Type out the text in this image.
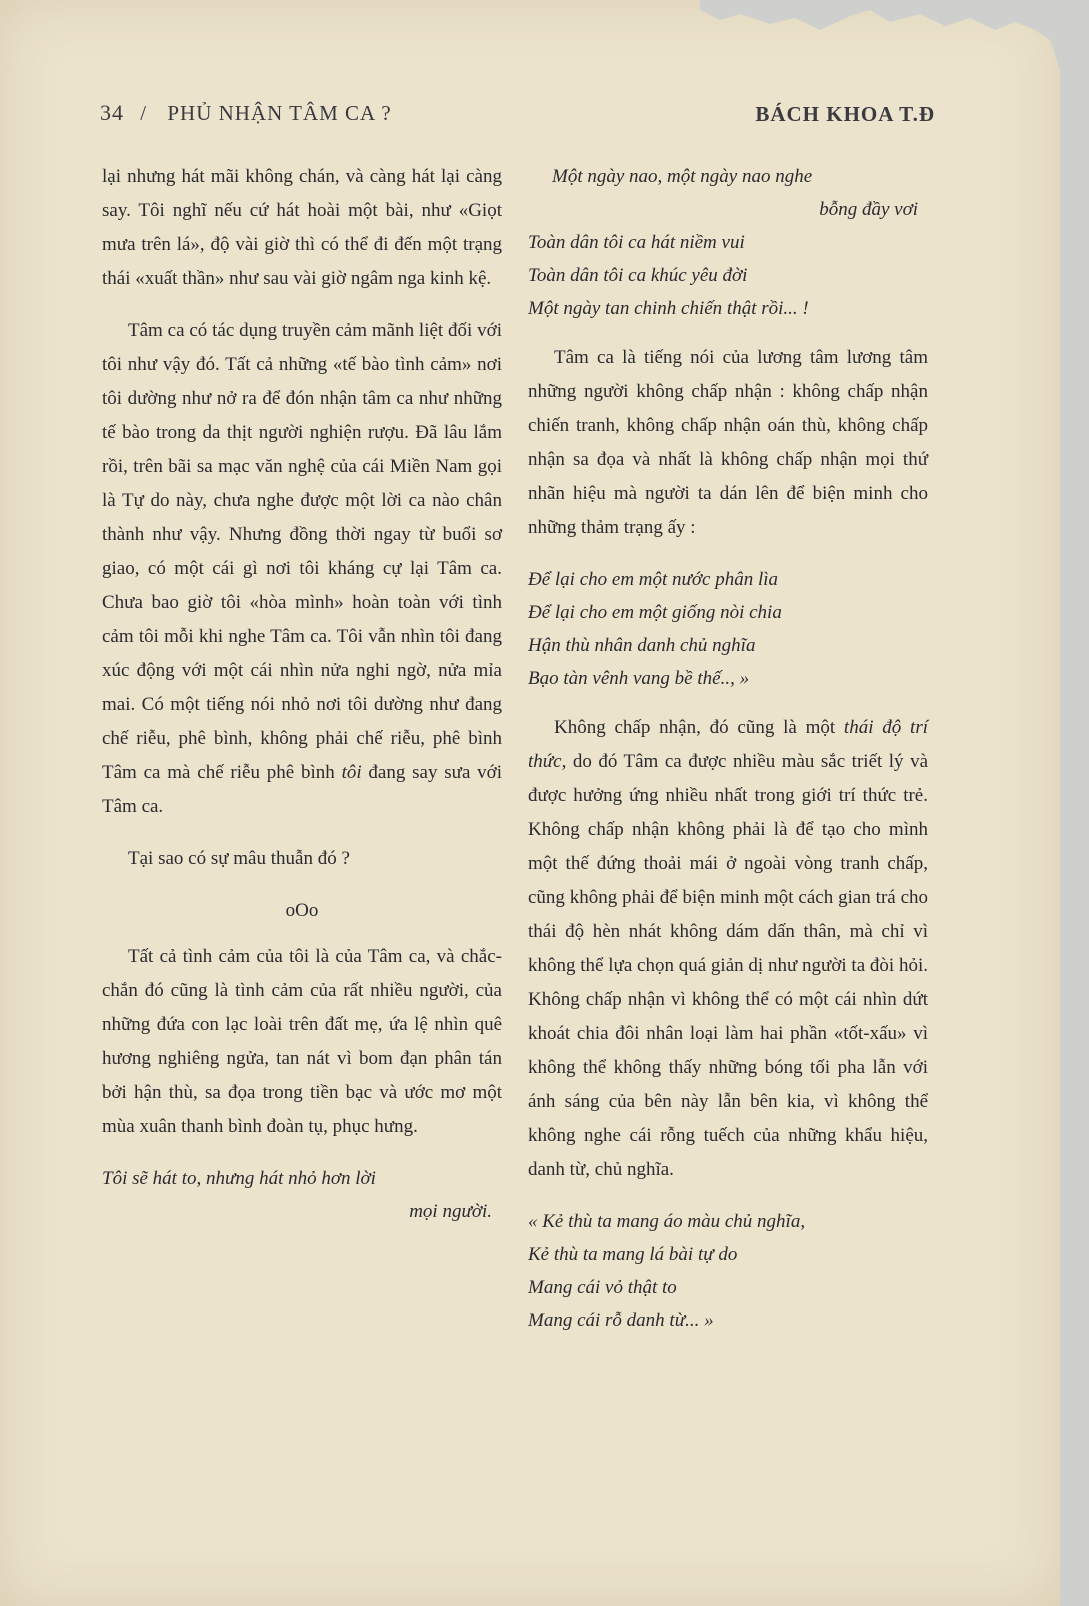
34 / PHỦ NHẬN TÂM CA ?	BÁCH KHOA T.Đ

lại nhưng hát mãi không chán, và càng hát lại càng say. Tôi nghĩ nếu cứ hát hoài một bài, như «Giọt mưa trên lá», độ vài giờ thì có thể đi đến một trạng thái «xuất thần» như sau vài giờ ngâm nga kinh kệ.

Tâm ca có tác dụng truyền cảm mãnh liệt đối với tôi như vậy đó. Tất cả những «tế bào tình cảm» nơi tôi dường như nở ra để đón nhận tâm ca như những tế bào trong da thịt người nghiện rượu. Đã lâu lắm rồi, trên bãi sa mạc văn nghệ của cái Miền Nam gọi là Tự do này, chưa nghe được một lời ca nào chân thành như vậy. Nhưng đồng thời ngay từ buổi sơ giao, có một cái gì nơi tôi kháng cự lại Tâm ca. Chưa bao giờ tôi «hòa mình» hoàn toàn với tình cảm tôi mỗi khi nghe Tâm ca. Tôi vẫn nhìn tôi đang xúc động với một cái nhìn nửa nghi ngờ, nửa mỉa mai. Có một tiếng nói nhỏ nơi tôi dường như đang chế riễu, phê bình, không phải chế riễu, phê bình Tâm ca mà chế riễu phê bình tôi đang say sưa với Tâm ca.

Tại sao có sự mâu thuẫn đó ?

oOo

Tất cả tình cảm của tôi là của Tâm ca, và chắc-chắn đó cũng là tình cảm của rất nhiều người, của những đứa con lạc loài trên đất mẹ, ứa lệ nhìn quê hương nghiêng ngửa, tan nát vì bom đạn phân tán bởi hận thù, sa đọa trong tiền bạc và ước mơ một mùa xuân thanh bình đoàn tụ, phục hưng.

Tôi sẽ hát to, nhưng hát nhỏ hơn lời
mọi người.
Một ngày nao, một ngày nao nghe
bỗng đầy vơi
Toàn dân tôi ca hát niềm vui
Toàn dân tôi ca khúc yêu đời
Một ngày tan chinh chiến thật rồi... !

Tâm ca là tiếng nói của lương tâm lương tâm những người không chấp nhận : không chấp nhận chiến tranh, không chấp nhận oán thù, không chấp nhận sa đọa và nhất là không chấp nhận mọi thứ nhãn hiệu mà người ta dán lên để biện minh cho những thảm trạng ấy :

Để lại cho em một nước phân lìa
Để lại cho em một giống nòi chia
Hận thù nhân danh chủ nghĩa
Bạo tàn vênh vang bề thế.., »

Không chấp nhận, đó cũng là một thái độ trí thức, do đó Tâm ca được nhiều màu sắc triết lý và được hưởng ứng nhiều nhất trong giới trí thức trẻ. Không chấp nhận không phải là để tạo cho mình một thế đứng thoải mái ở ngoài vòng tranh chấp, cũng không phải để biện minh một cách gian trá cho thái độ hèn nhát không dám dấn thân, mà chỉ vì không thể lựa chọn quá giản dị như người ta đòi hỏi. Không chấp nhận vì không thể có một cái nhìn dứt khoát chia đôi nhân loại làm hai phần «tốt-xấu» vì không thể không thấy những bóng tối pha lẫn với ánh sáng của bên này lẫn bên kia, vì không thể không nghe cái rỗng tuếch của những khẩu hiệu, danh từ, chủ nghĩa.

« Kẻ thù ta mang áo màu chủ nghĩa,
Kẻ thù ta mang lá bài tự do
Mang cái vỏ thật to
Mang cái rỗ danh từ... »
